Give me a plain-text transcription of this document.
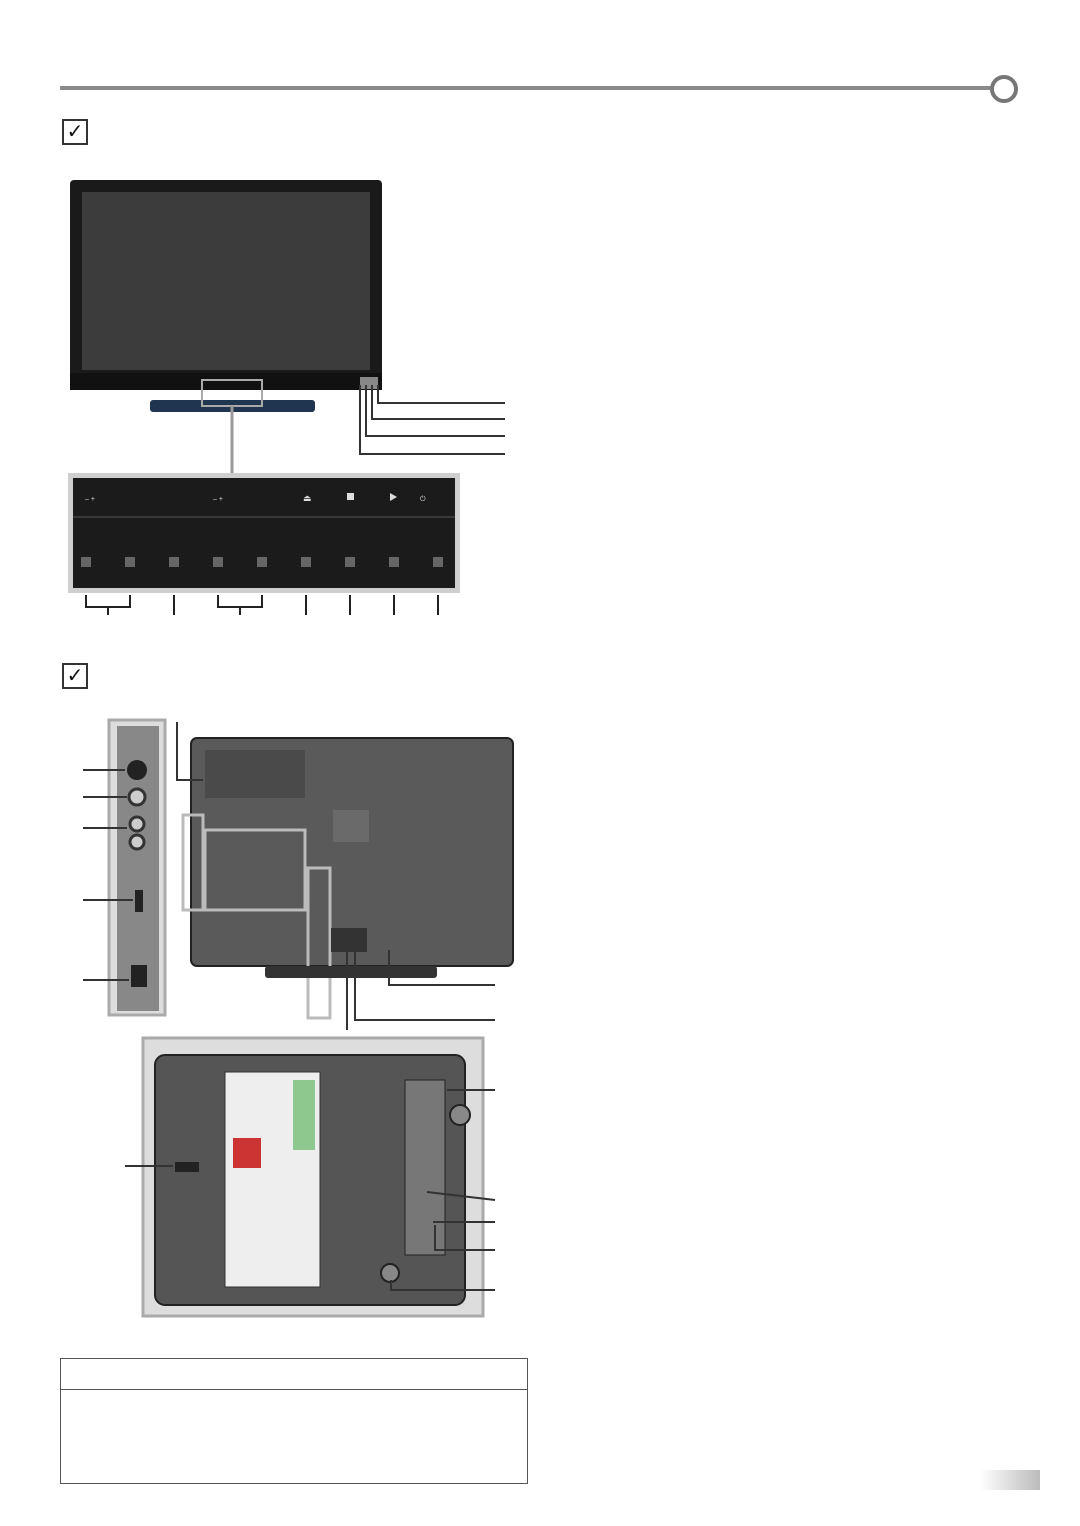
✓
✓
– +	– +	⏏	⏻
